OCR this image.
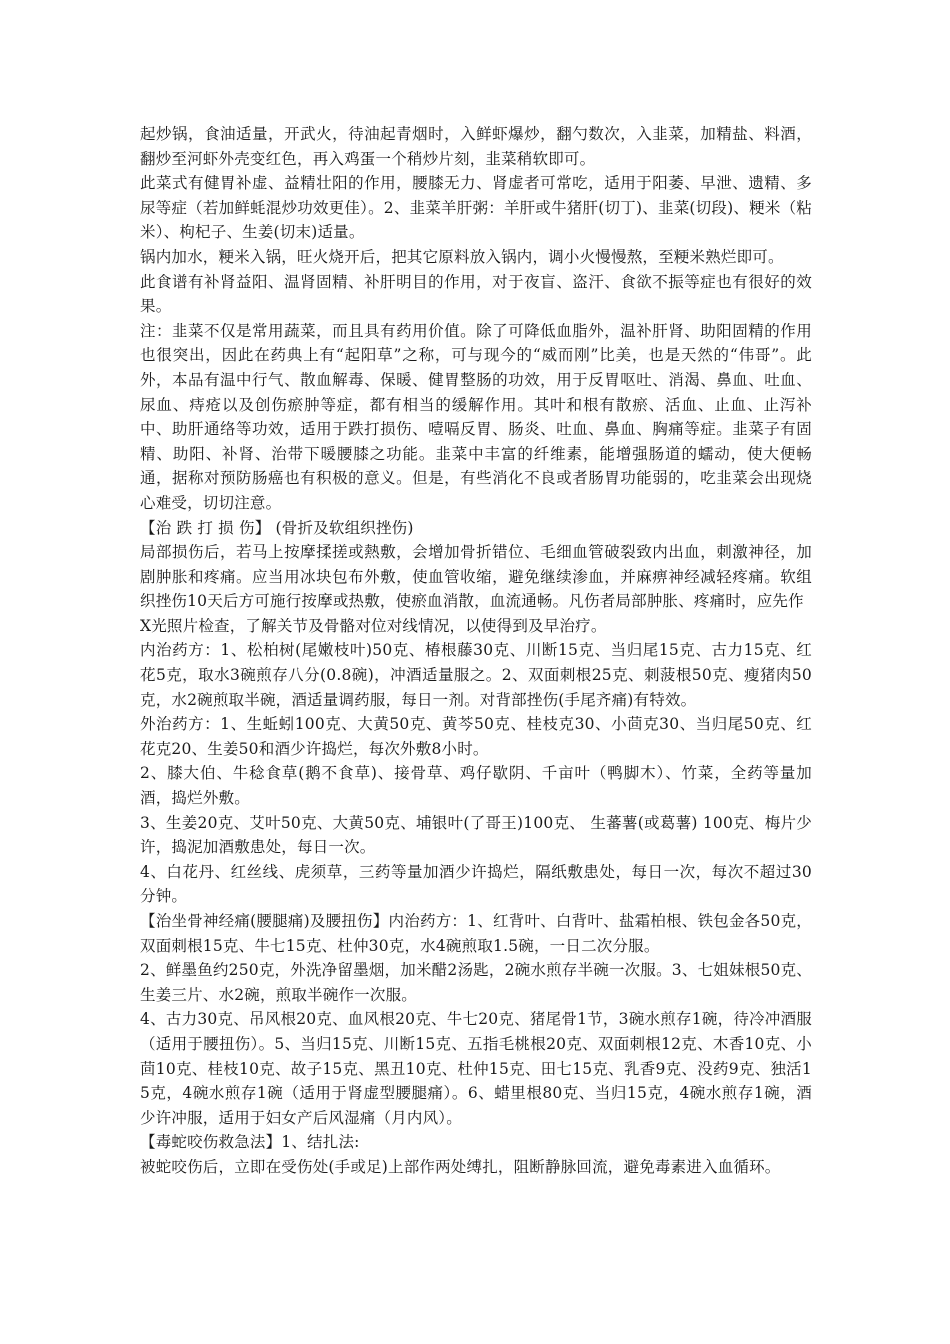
起炒锅，食油适量，开武火，待油起青烟时，入鲜虾爆炒，翻勺数次，入韭菜，加精盐、料酒，翻炒至河虾外壳变红色，再入鸡蛋一个稍炒片刻，韭菜稍软即可。

此菜式有健胃补虚、益精壮阳的作用，腰膝无力、肾虚者可常吃，适用于阳萎、早泄、遗精、多尿等症（若加鲜蚝混炒功效更佳）。2、韭菜羊肝粥：羊肝或牛猪肝(切丁)、韭菜(切段)、粳米（粘米）、枸杞子、生姜(切末)适量。

锅内加水，粳米入锅，旺火烧开后，把其它原料放入锅内，调小火慢慢熬，至粳米熟烂即可。

此食谱有补肾益阳、温肾固精、补肝明目的作用，对于夜盲、盗汗、食欲不振等症也有很好的效果。

注：韭菜不仅是常用蔬菜，而且具有药用价值。除了可降低血脂外，温补肝肾、助阳固精的作用也很突出，因此在药典上有“起阳草”之称，可与现今的“威而刚”比美，也是天然的“伟哥”。此外，本品有温中行气、散血解毒、保暖、健胃整肠的功效，用于反胃呕吐、消渴、鼻血、吐血、尿血、痔疮以及创伤瘀肿等症，都有相当的缓解作用。其叶和根有散瘀、活血、止血、止泻补中、助肝通络等功效，适用于跌打损伤、噎嗝反胃、肠炎、吐血、鼻血、胸痛等症。韭菜子有固精、助阳、补肾、治带下暖腰膝之功能。韭菜中丰富的纤维素，能增强肠道的蠕动，使大便畅通，据称对预防肠癌也有积极的意义。但是，有些消化不良或者肠胃功能弱的，吃韭菜会出现烧心难受，切切注意。

【治 跌 打 损 伤】 (骨折及软组织挫伤)

局部损伤后，若马上按摩揉搓或熱敷，会增加骨折错位、毛细血管破裂致内出血，刺激神径，加剧肿胀和疼痛。应当用冰块包布外敷，使血管收缩，避免继续渗血，并麻痹神经减轻疼痛。软组织挫伤10天后方可施行按摩或热敷，使瘀血消散，血流通畅。凡伤者局部肿胀、疼痛时，应先作

X光照片检查，了解关节及骨骼对位对线情况，以使得到及早治疗。

内治药方：1、松柏树(尾嫩枝叶)50克、椿根藤30克、川断15克、当归尾15克、古力15克、红花5克，取水3碗煎存八分(0.8碗)，冲酒适量服之。2、双面刺根25克、刺菠根50克、瘦猪肉50克，水2碗煎取半碗，酒适量调药服，每日一剂。对背部挫伤(手尾齐痛)有特效。

外治药方：1、生蚯蚓100克、大黄50克、黄芩50克、桂枝克30、小茴克30、当归尾50克、红花克20、生姜50和酒少许捣烂，每次外敷8小时。

2、膝大伯、牛稔食草(鹅不食草)、接骨草、鸡仔歇阴、千亩叶（鸭脚木）、竹菜，全药等量加酒，捣烂外敷。

3、生姜20克、艾叶50克、大黄50克、埔银叶(了哥王)100克、 生蕃薯(或葛薯) 100克、梅片少许，捣泥加酒敷患处，每日一次。

4、白花丹、红丝线、虎须草，三药等量加酒少许捣烂，隔纸敷患处，每日一次，每次不超过30分钟。

【治坐骨神经痛(腰腿痛)及腰扭伤】内治药方：1、红背叶、白背叶、盐霜柏根、铁包金各50克，双面刺根15克、牛七15克、杜仲30克，水4碗煎取1.5碗，一日二次分服。

2、鲜墨鱼约250克，外洗净留墨烟，加米醋2汤匙，2碗水煎存半碗一次服。3、七姐妹根50克、生姜三片、水2碗，煎取半碗作一次服。

4、古力30克、吊风根20克、血风根20克、牛七20克、猪尾骨1节，3碗水煎存1碗，待冷冲酒服（适用于腰扭伤）。5、当归15克、川断15克、五指毛桃根20克、双面刺根12克、木香10克、小茴10克、桂枝10克、故子15克、黑丑10克、杜仲15克、田七15克、乳香9克、没药9克、独活15克，4碗水煎存1碗（适用于肾虚型腰腿痛）。6、蜡里根80克、当归15克，4碗水煎存1碗，酒少许冲服，适用于妇女产后风湿痛（月内风）。

【毒蛇咬伤救急法】1、结扎法:

被蛇咬伤后，立即在受伤处(手或足)上部作两处缚扎，阻断静脉回流，避免毒素进入血循环。
